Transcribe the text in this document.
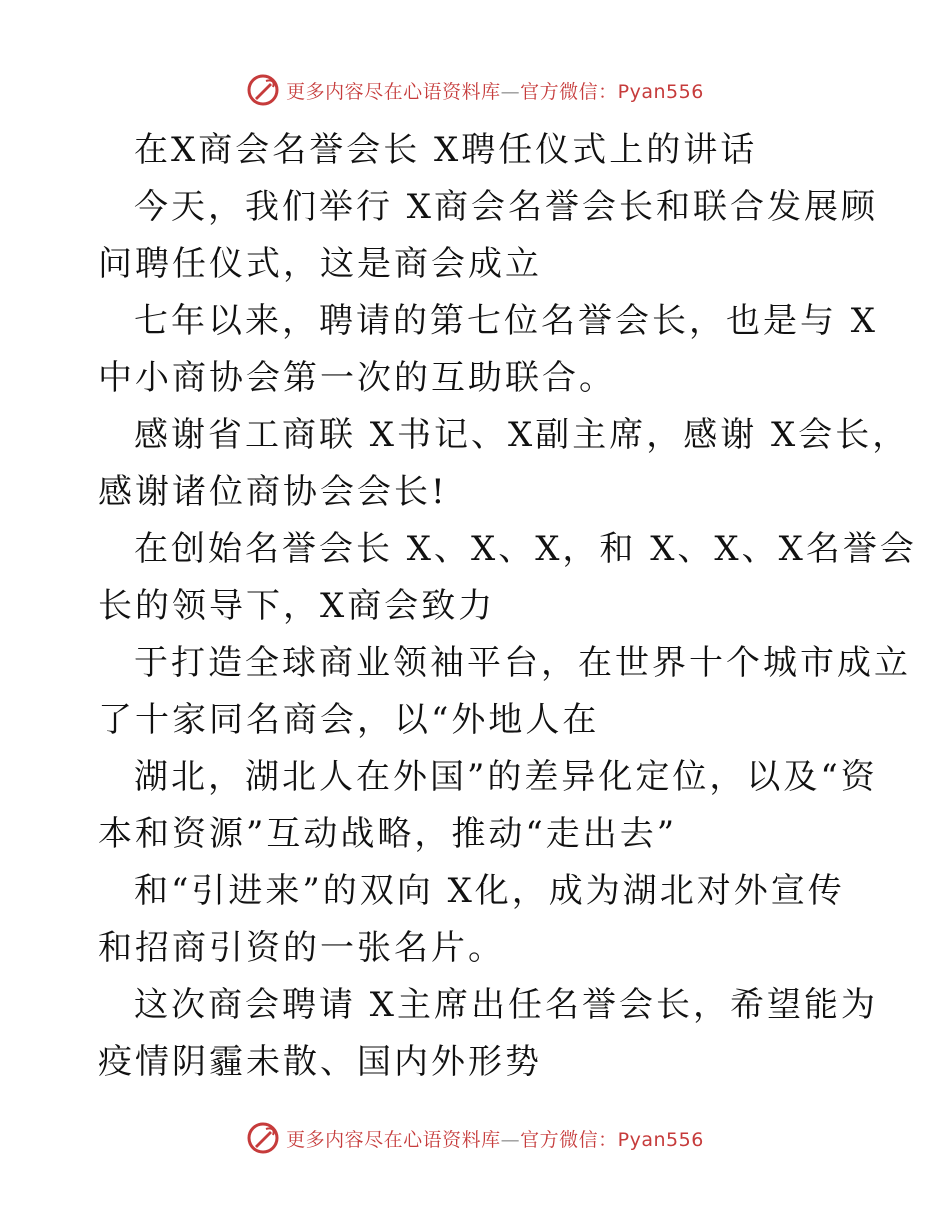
更多内容尽在心语资料库—官方微信：Pyan556
在X商会名誉会长 X聘任仪式上的讲话
今天，我们举行 X商会名誉会长和联合发展顾
问聘任仪式，这是商会成立
七年以来，聘请的第七位名誉会长，也是与 X
中小商协会第一次的互助联合。
感谢省工商联 X书记、X副主席，感谢 X会长，
感谢诸位商协会会长!
在创始名誉会长 X、X、X，和 X、X、X名誉会
长的领导下，X商会致力
于打造全球商业领袖平台，在世界十个城市成立
了十家同名商会，以“外地人在
湖北，湖北人在外国”的差异化定位，以及“资
本和资源”互动战略，推动“走出去”
和“引进来”的双向 X化，成为湖北对外宣传
和招商引资的一张名片。
这次商会聘请 X主席出任名誉会长，希望能为
疫情阴霾未散、国内外形势
更多内容尽在心语资料库—官方微信：Pyan556
